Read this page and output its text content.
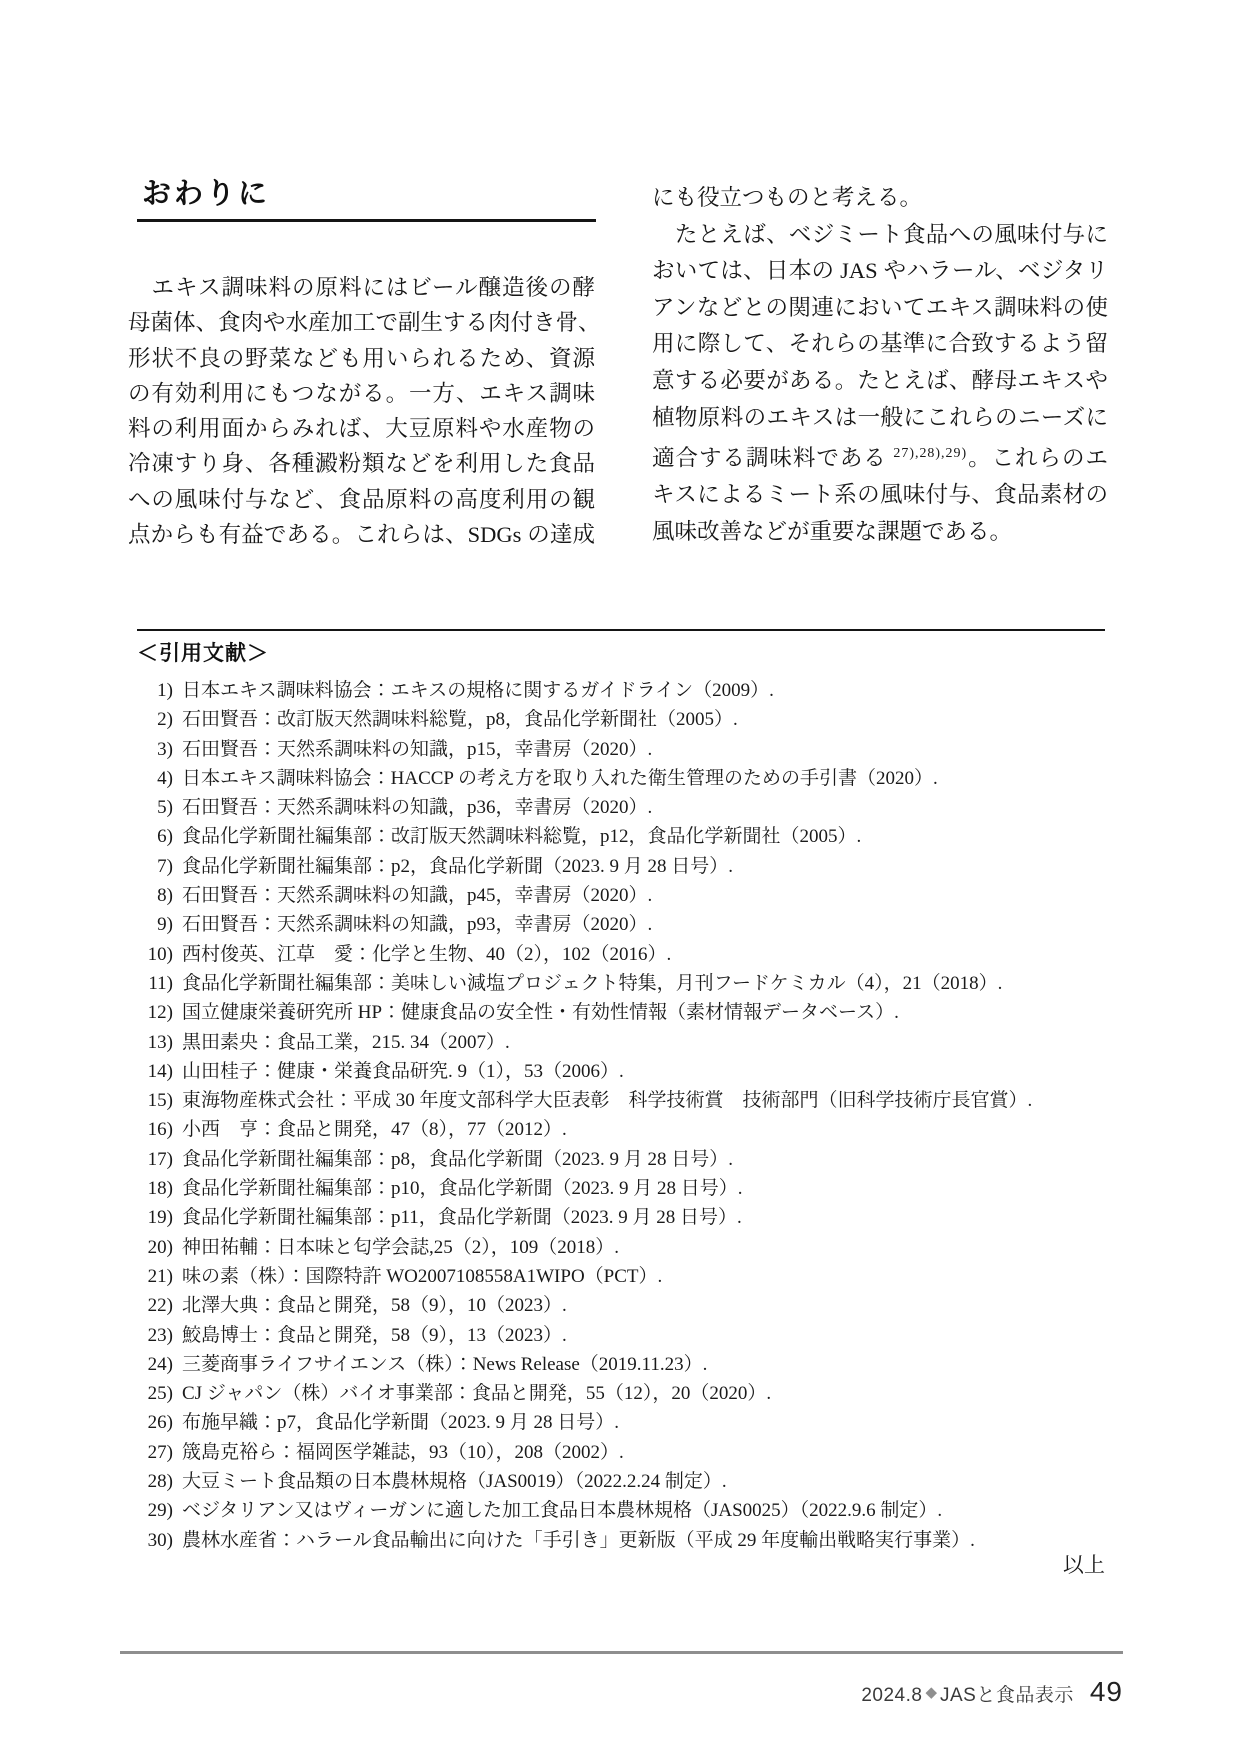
おわりに
　エキス調味料の原料にはビール醸造後の酵
母菌体、食肉や水産加工で副生する肉付き骨、
形状不良の野菜なども用いられるため、資源
の有効利用にもつながる。一方、エキス調味
料の利用面からみれば、大豆原料や水産物の
冷凍すり身、各種澱粉類などを利用した食品
への風味付与など、食品原料の高度利用の観
点からも有益である。これらは、SDGs の達成
にも役立つものと考える。
　たとえば、ベジミート食品への風味付与に
おいては、日本の JAS やハラール、ベジタリ
アンなどとの関連においてエキス調味料の使
用に際して、それらの基準に合致するよう留
意する必要がある。たとえば、酵母エキスや
植物原料のエキスは一般にこれらのニーズに
適合する調味料である $^{27),28),29)}$。これらのエ
キスによるミート系の風味付与、食品素材の
風味改善などが重要な課題である。
＜引用文献＞
1) 日本エキス調味料協会：エキスの規格に関するガイドライン（2009）.
2) 石田賢吾：改訂版天然調味料総覧，p8，食品化学新聞社（2005）.
3) 石田賢吾：天然系調味料の知識，p15，幸書房（2020）.
4) 日本エキス調味料協会：HACCP の考え方を取り入れた衛生管理のための手引書（2020）.
5) 石田賢吾：天然系調味料の知識，p36，幸書房（2020）.
6) 食品化学新聞社編集部：改訂版天然調味料総覧，p12，食品化学新聞社（2005）.
7) 食品化学新聞社編集部：p2，食品化学新聞（2023. 9 月 28 日号）.
8) 石田賢吾：天然系調味料の知識，p45，幸書房（2020）.
9) 石田賢吾：天然系調味料の知識，p93，幸書房（2020）.
10) 西村俊英、江草　愛：化学と生物、40（2），102（2016）.
11) 食品化学新聞社編集部：美味しい減塩プロジェクト特集，月刊フードケミカル（4），21（2018）.
12) 国立健康栄養研究所 HP：健康食品の安全性・有効性情報（素材情報データベース）.
13) 黒田素央：食品工業，215. 34（2007）.
14) 山田桂子：健康・栄養食品研究. 9（1），53（2006）.
15) 東海物産株式会社：平成 30 年度文部科学大臣表彰　科学技術賞　技術部門（旧科学技術庁長官賞）.
16) 小西　亨：食品と開発，47（8），77（2012）.
17) 食品化学新聞社編集部：p8，食品化学新聞（2023. 9 月 28 日号）.
18) 食品化学新聞社編集部：p10，食品化学新聞（2023. 9 月 28 日号）.
19) 食品化学新聞社編集部：p11，食品化学新聞（2023. 9 月 28 日号）.
20) 神田祐輔：日本味と匂学会誌,25（2），109（2018）.
21) 味の素（株）：国際特許 WO2007108558A1WIPO（PCT）.
22) 北澤大典：食品と開発，58（9），10（2023）.
23) 鮫島博士：食品と開発，58（9），13（2023）.
24) 三菱商事ライフサイエンス（株）：News Release（2019.11.23）.
25) CJ ジャパン（株）バイオ事業部：食品と開発，55（12），20（2020）.
26) 布施早織：p7，食品化学新聞（2023. 9 月 28 日号）.
27) 筬島克裕ら：福岡医学雑誌，93（10），208（2002）.
28) 大豆ミート食品類の日本農林規格（JAS0019）（2022.2.24 制定）.
29) ベジタリアン又はヴィーガンに適した加工食品日本農林規格（JAS0025）（2022.9.6 制定）.
30) 農林水産省：ハラール食品輸出に向けた「手引き」更新版（平成 29 年度輸出戦略実行事業）.
以上
2024.8 ◆ JASと食品表示 49
